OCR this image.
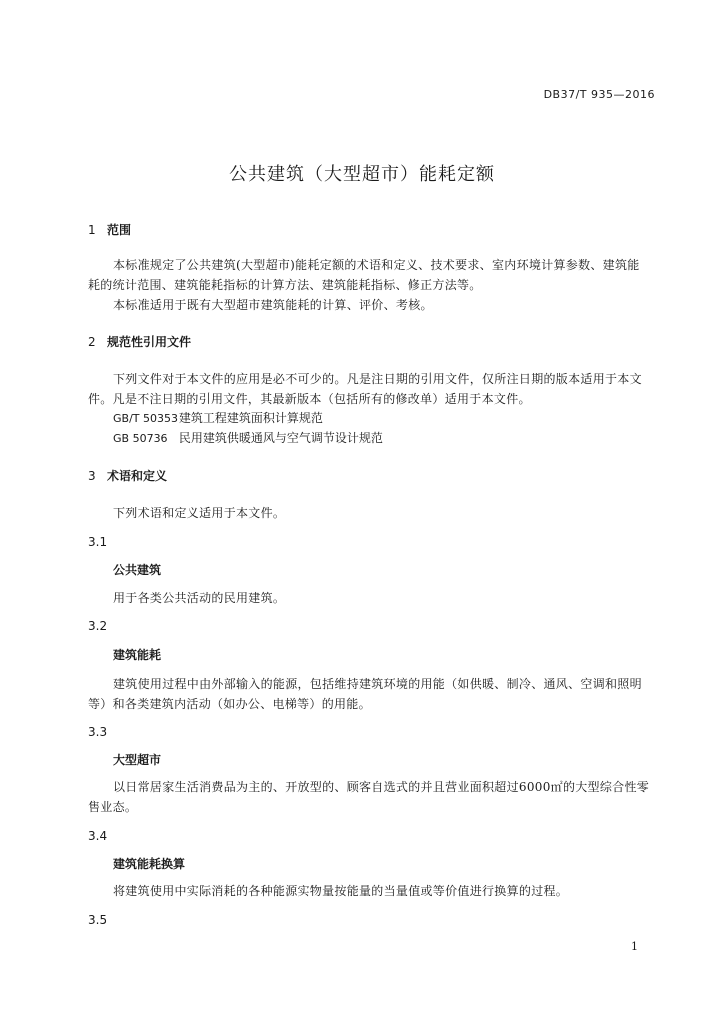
DB37/T 935—2016
公共建筑（大型超市）能耗定额
1 范围
本标准规定了公共建筑(大型超市)能耗定额的术语和定义、技术要求、室内环境计算参数、建筑能
耗的统计范围、建筑能耗指标的计算方法、建筑能耗指标、修正方法等。
本标准适用于既有大型超市建筑能耗的计算、评价、考核。
2 规范性引用文件
下列文件对于本文件的应用是必不可少的。凡是注日期的引用文件，仅所注日期的版本适用于本文
件。凡是不注日期的引用文件，其最新版本（包括所有的修改单）适用于本文件。
GB/T 50353 建筑工程建筑面积计算规范
GB 50736 民用建筑供暖通风与空气调节设计规范
3 术语和定义
下列术语和定义适用于本文件。
3.1
公共建筑
用于各类公共活动的民用建筑。
3.2
建筑能耗
建筑使用过程中由外部输入的能源，包括维持建筑环境的用能（如供暖、制冷、通风、空调和照明
等）和各类建筑内活动（如办公、电梯等）的用能。
3.3
大型超市
以日常居家生活消费品为主的、开放型的、顾客自选式的并且营业面积超过6000㎡的大型综合性零
售业态。
3.4
建筑能耗换算
将建筑使用中实际消耗的各种能源实物量按能量的当量值或等价值进行换算的过程。
3.5
1
